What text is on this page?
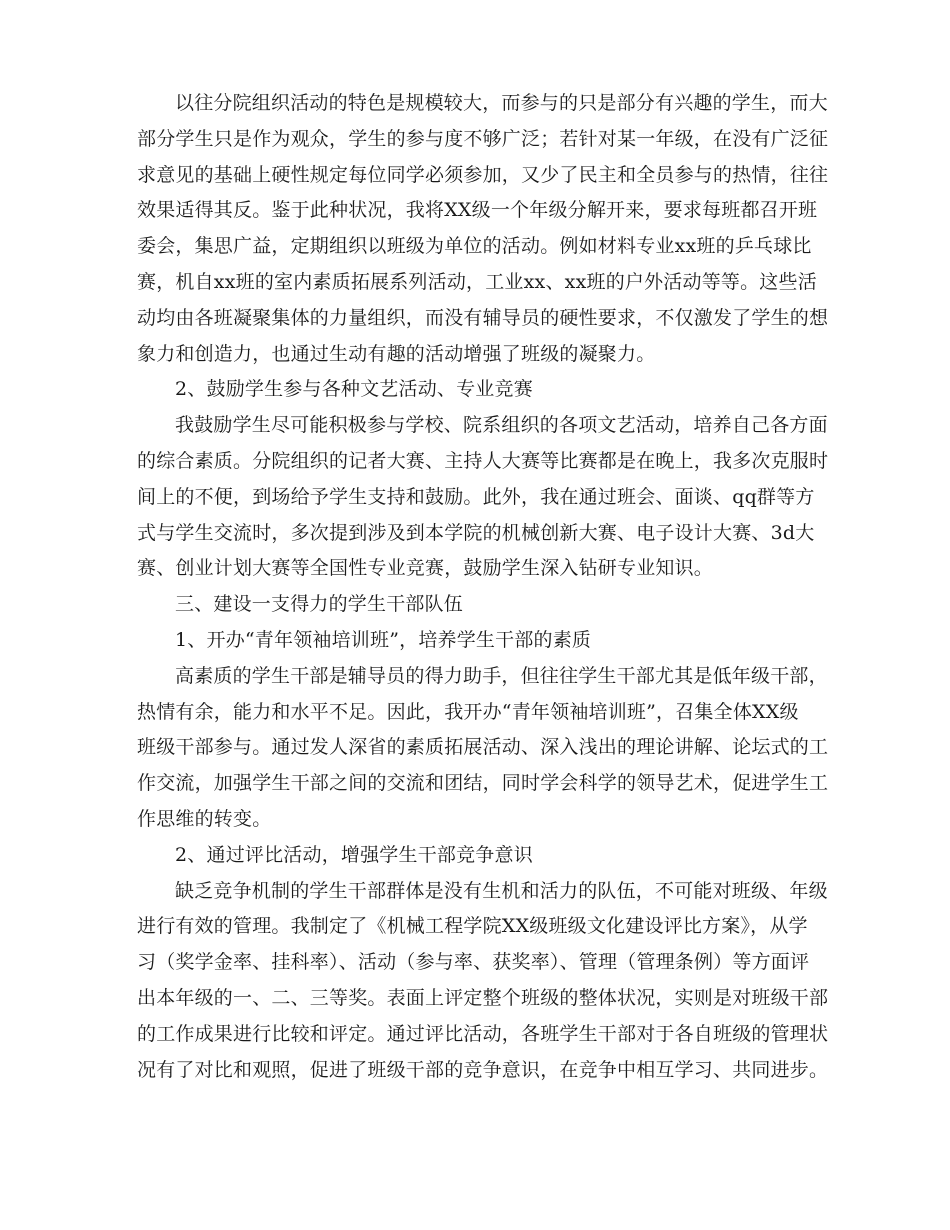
以往分院组织活动的特色是规模较大，而参与的只是部分有兴趣的学生，而大
部分学生只是作为观众，学生的参与度不够广泛；若针对某一年级，在没有广泛征
求意见的基础上硬性规定每位同学必须参加，又少了民主和全员参与的热情，往往
效果适得其反。鉴于此种状况，我将XX级一个年级分解开来，要求每班都召开班
委会，集思广益，定期组织以班级为单位的活动。例如材料专业xx班的乒乓球比
赛，机自xx班的室内素质拓展系列活动，工业xx、xx班的户外活动等等。这些活
动均由各班凝聚集体的力量组织，而没有辅导员的硬性要求，不仅激发了学生的想
象力和创造力，也通过生动有趣的活动增强了班级的凝聚力。
2、鼓励学生参与各种文艺活动、专业竞赛
我鼓励学生尽可能积极参与学校、院系组织的各项文艺活动，培养自己各方面
的综合素质。分院组织的记者大赛、主持人大赛等比赛都是在晚上，我多次克服时
间上的不便，到场给予学生支持和鼓励。此外，我在通过班会、面谈、qq群等方
式与学生交流时，多次提到涉及到本学院的机械创新大赛、电子设计大赛、3d大
赛、创业计划大赛等全国性专业竞赛，鼓励学生深入钻研专业知识。
三、建设一支得力的学生干部队伍
1、开办“青年领袖培训班”，培养学生干部的素质
高素质的学生干部是辅导员的得力助手，但往往学生干部尤其是低年级干部，
热情有余，能力和水平不足。因此，我开办“青年领袖培训班”，召集全体XX级
班级干部参与。通过发人深省的素质拓展活动、深入浅出的理论讲解、论坛式的工
作交流，加强学生干部之间的交流和团结，同时学会科学的领导艺术，促进学生工
作思维的转变。
2、通过评比活动，增强学生干部竞争意识
缺乏竞争机制的学生干部群体是没有生机和活力的队伍，不可能对班级、年级
进行有效的管理。我制定了《机械工程学院XX级班级文化建设评比方案》，从学
习（奖学金率、挂科率）、活动（参与率、获奖率）、管理（管理条例）等方面评
出本年级的一、二、三等奖。表面上评定整个班级的整体状况，实则是对班级干部
的工作成果进行比较和评定。通过评比活动，各班学生干部对于各自班级的管理状
况有了对比和观照，促进了班级干部的竞争意识，在竞争中相互学习、共同进步。
